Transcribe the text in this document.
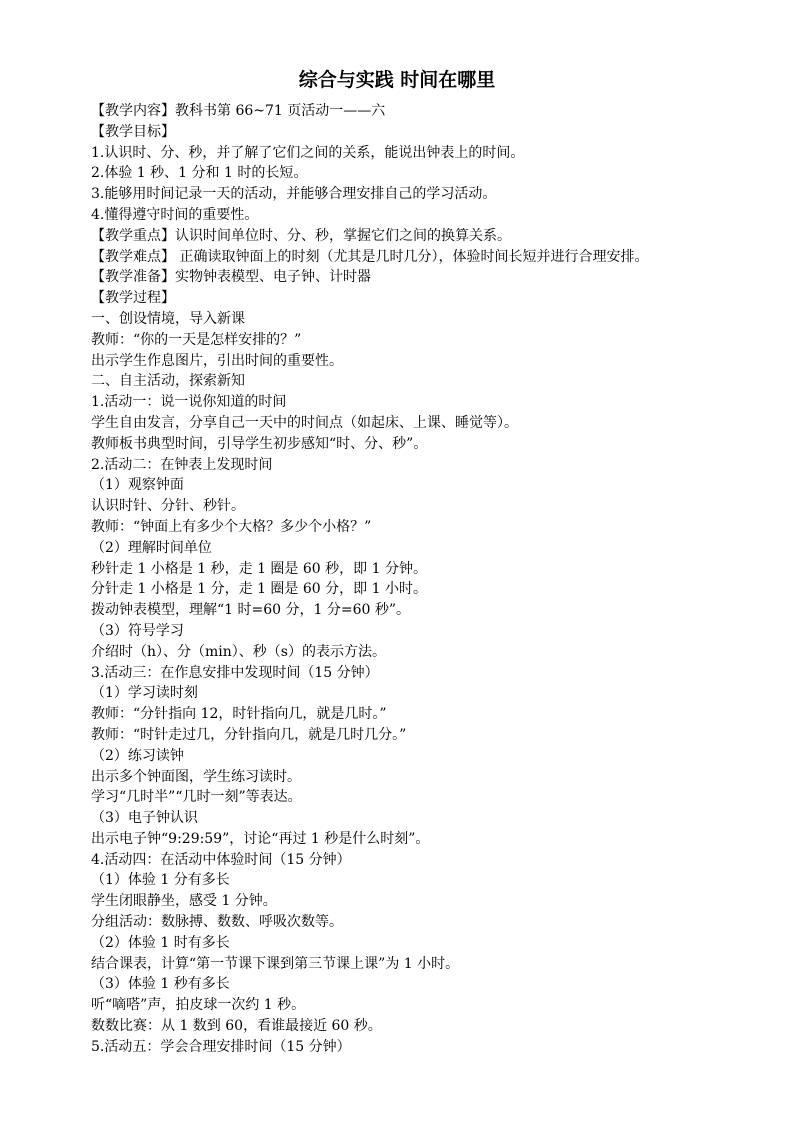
综合与实践 时间在哪里
【教学内容】教科书第 66~71 页活动一——六
【教学目标】
1.认识时、分、秒，并了解了它们之间的关系，能说出钟表上的时间。
2.体验 1 秒、1 分和 1 时的长短。
3.能够用时间记录一天的活动，并能够合理安排自己的学习活动。
4.懂得遵守时间的重要性。
【教学重点】认识时间单位时、分、秒，掌握它们之间的换算关系。
【教学难点】 正确读取钟面上的时刻（尤其是几时几分），体验时间长短并进行合理安排。
【教学准备】实物钟表模型、电子钟、计时器
【教学过程】
一、创设情境，导入新课
教师：“你的一天是怎样安排的？”
出示学生作息图片，引出时间的重要性。
二、自主活动，探索新知
1.活动一：说一说你知道的时间
学生自由发言，分享自己一天中的时间点（如起床、上课、睡觉等）。
教师板书典型时间，引导学生初步感知“时、分、秒”。
2.活动二：在钟表上发现时间
（1）观察钟面
认识时针、分针、秒针。
教师：“钟面上有多少个大格？多少个小格？”
（2）理解时间单位
秒针走 1 小格是 1 秒，走 1 圈是 60 秒，即 1 分钟。
分针走 1 小格是 1 分，走 1 圈是 60 分，即 1 小时。
拨动钟表模型，理解“1 时=60 分，1 分=60 秒”。
（3）符号学习
介绍时（h）、分（min）、秒（s）的表示方法。
3.活动三：在作息安排中发现时间（15 分钟）
（1）学习读时刻
教师：“分针指向 12，时针指向几，就是几时。”
教师：“时针走过几，分针指向几，就是几时几分。”
（2）练习读钟
出示多个钟面图，学生练习读时。
学习“几时半”“几时一刻”等表达。
（3）电子钟认识
出示电子钟“9:29:59”，讨论“再过 1 秒是什么时刻”。
4.活动四：在活动中体验时间（15 分钟）
（1）体验 1 分有多长
学生闭眼静坐，感受 1 分钟。
分组活动：数脉搏、数数、呼吸次数等。
（2）体验 1 时有多长
结合课表，计算“第一节课下课到第三节课上课”为 1 小时。
（3）体验 1 秒有多长
听“嘀嗒”声，拍皮球一次约 1 秒。
数数比赛：从 1 数到 60，看谁最接近 60 秒。
5.活动五：学会合理安排时间（15 分钟）
